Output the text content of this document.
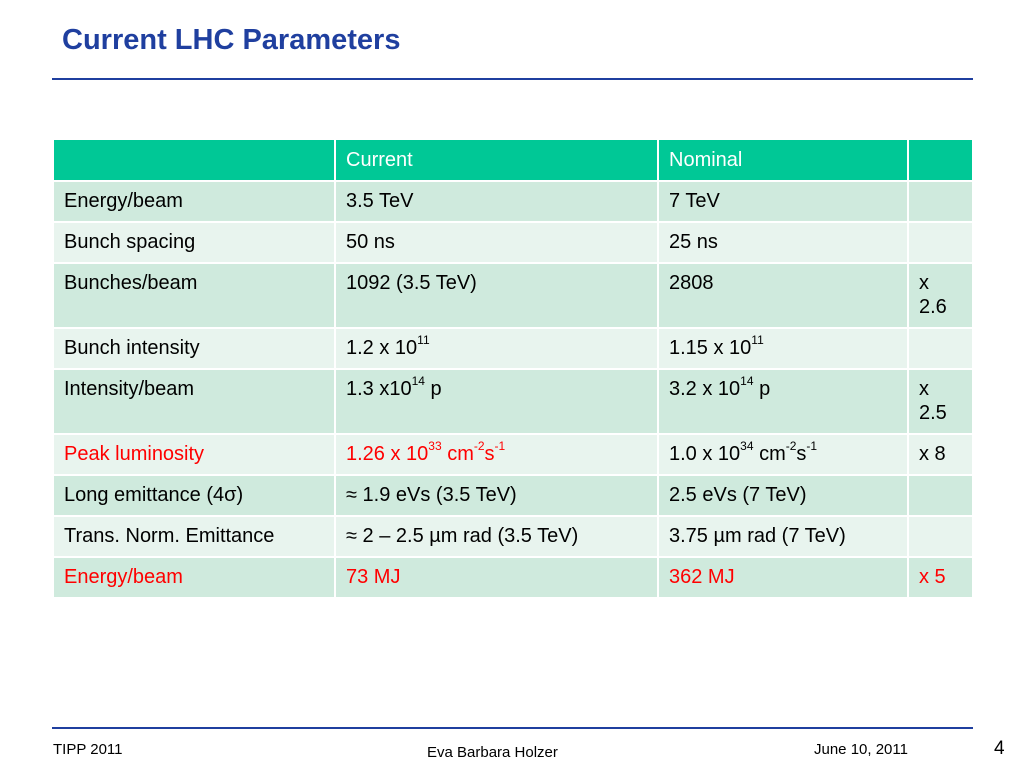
Current LHC Parameters
	Current	Nominal	
Energy/beam	3.5 TeV	7 TeV	
Bunch spacing	50 ns	25 ns	
Bunches/beam	1092 (3.5 TeV)	2808	x 2.6
Bunch intensity	1.2 x $10^{11}$	1.15 x $10^{11}$	
Intensity/beam	1.3 $x10^{14}$ p	3.2 x $10^{14}$ p	x 2.5
Peak luminosity	1.26 x $10^{33}$ $cm^{-2}s^{-1}$	1.0 x $10^{34}$ $cm^{-2}s^{-1}$	x 8
Long emittance (4σ)	≈ 1.9 eVs (3.5 TeV)	2.5 eVs (7 TeV)	
Trans. Norm. Emittance	≈ 2 – 2.5 µm rad (3.5 TeV)	3.75 µm rad (7 TeV)	
Energy/beam	73 MJ	362 MJ	x 5
TIPP 2011	Eva Barbara Holzer	June 10, 2011	4
